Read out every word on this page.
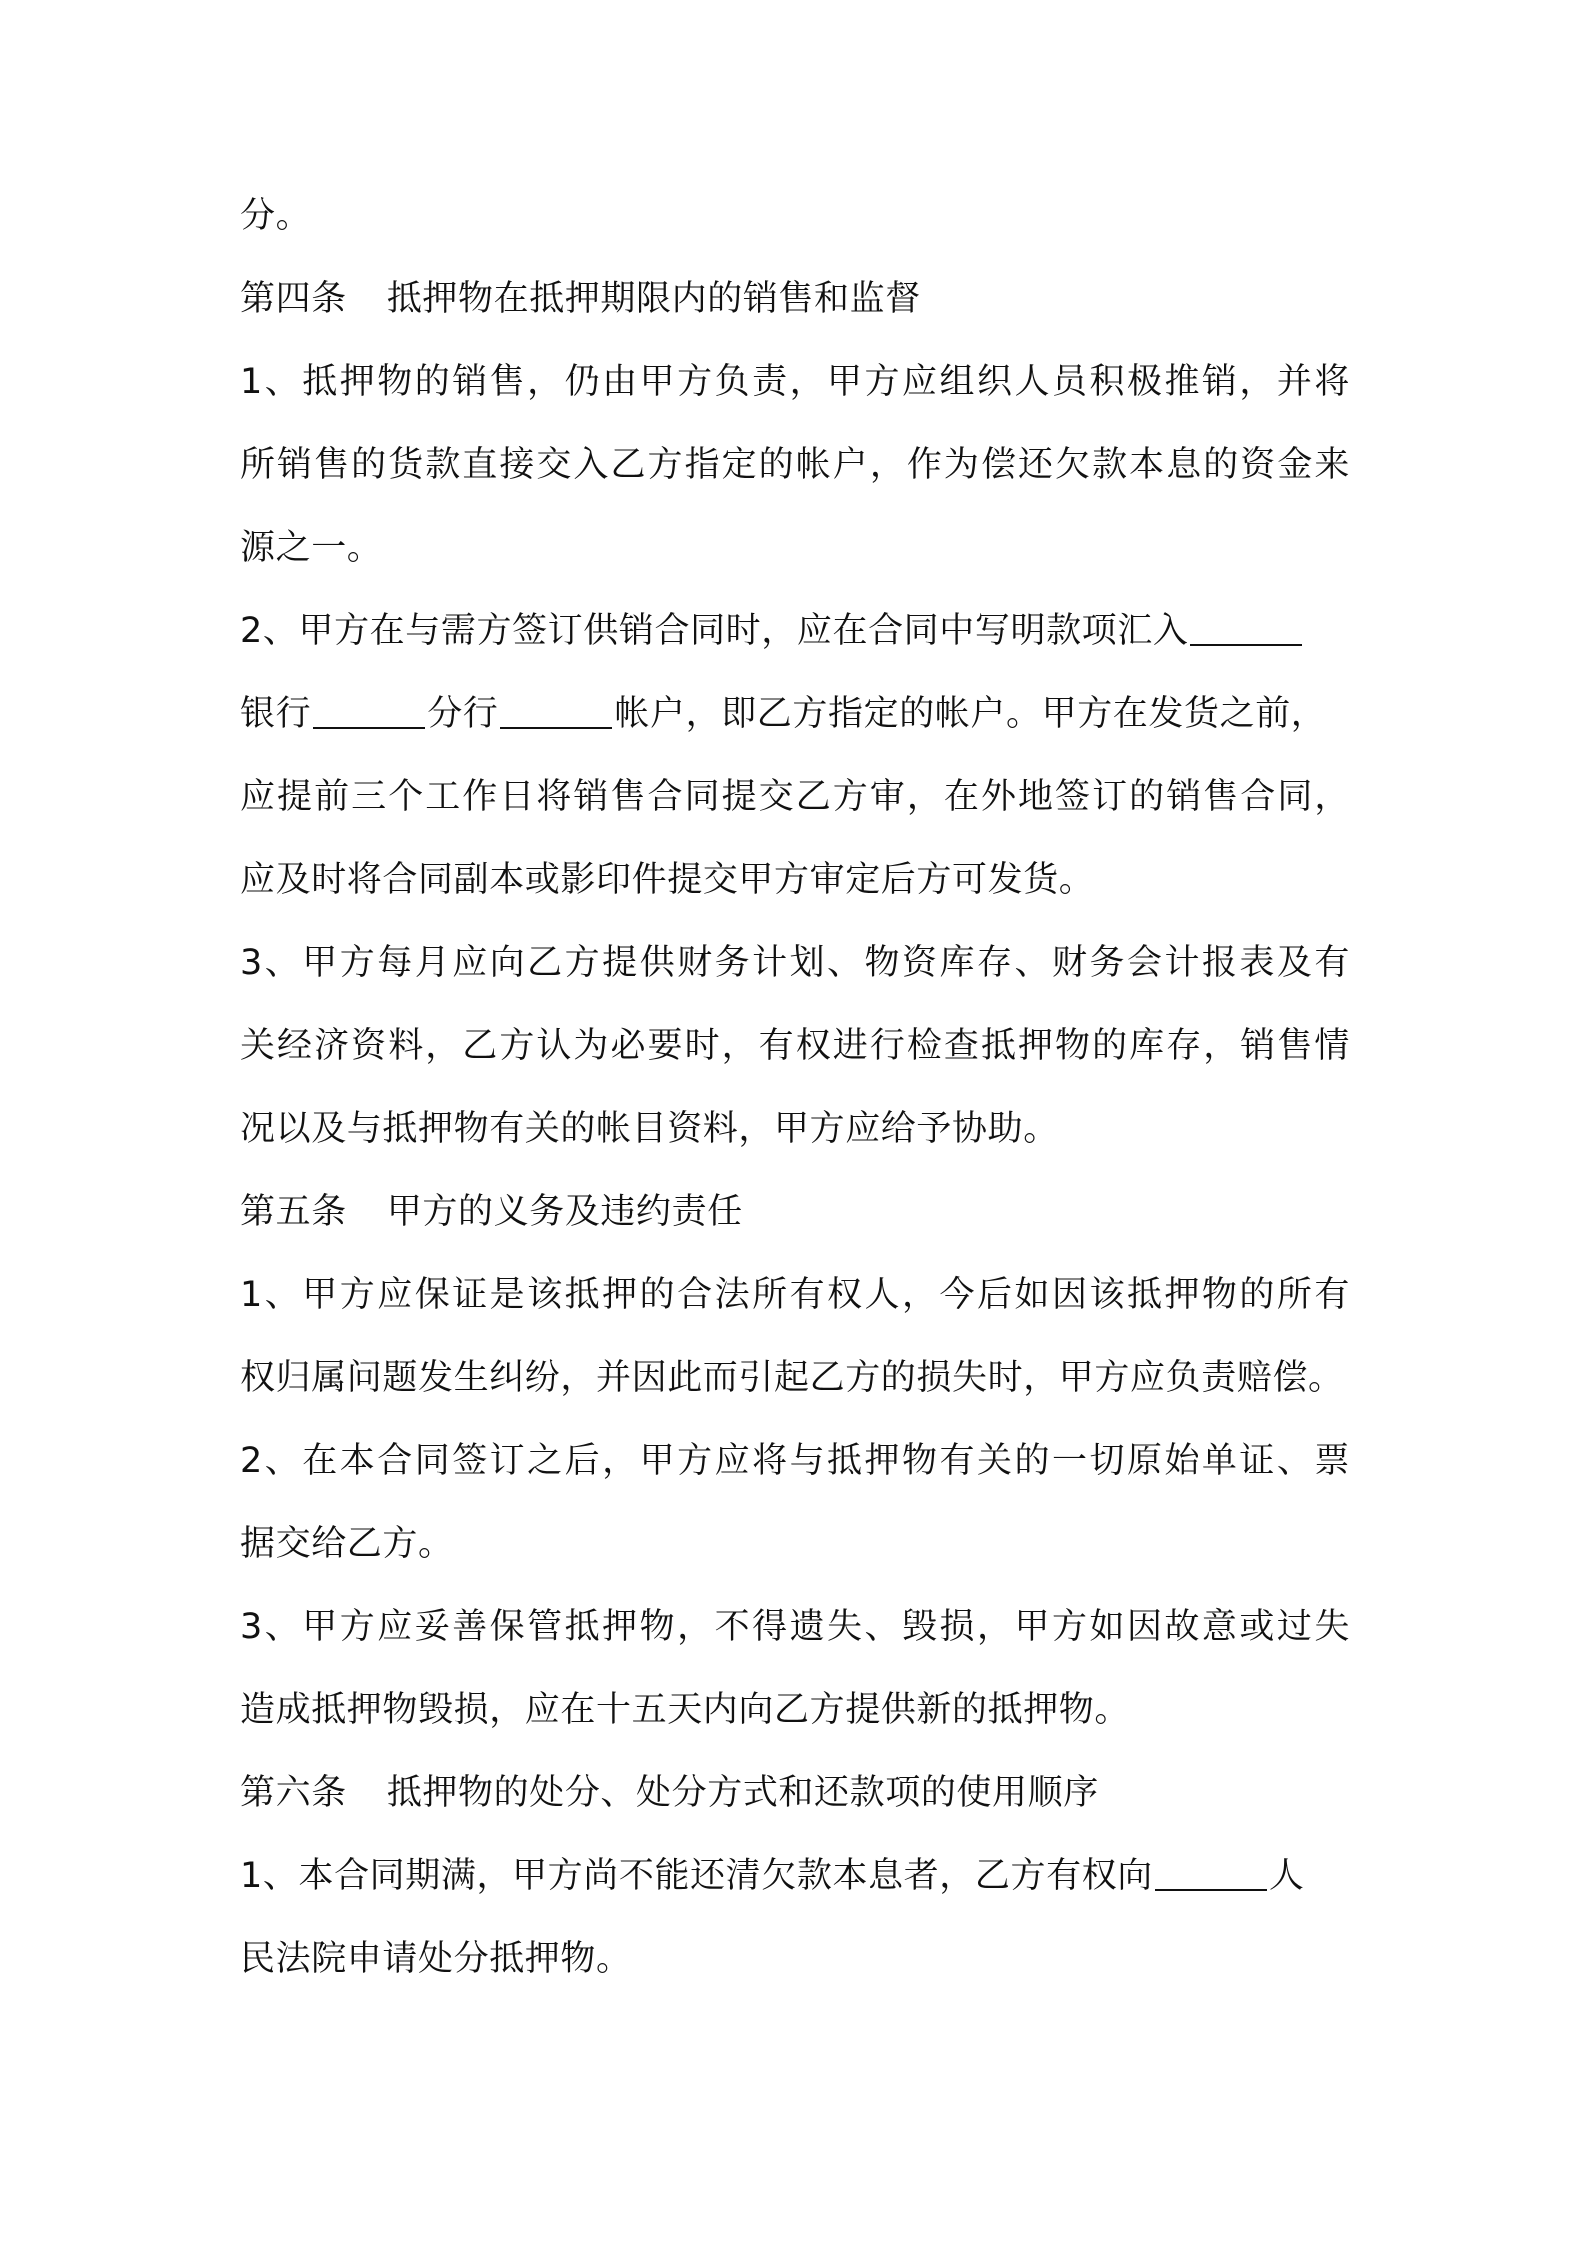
分。
第四条 抵押物在抵押期限内的销售和监督
1、抵押物的销售，仍由甲方负责，甲方应组织人员积极推销，并将
所销售的货款直接交入乙方指定的帐户，作为偿还欠款本息的资金来
源之一。
2、甲方在与需方签订供销合同时，应在合同中写明款项汇入
银行	分行	帐户，即乙方指定的帐户。甲方在发货之前，
应提前三个工作日将销售合同提交乙方审，在外地签订的销售合同，
应及时将合同副本或影印件提交甲方审定后方可发货。
3、甲方每月应向乙方提供财务计划、物资库存、财务会计报表及有
关经济资料，乙方认为必要时，有权进行检查抵押物的库存，销售情
况以及与抵押物有关的帐目资料，甲方应给予协助。
第五条 甲方的义务及违约责任
1、甲方应保证是该抵押的合法所有权人，今后如因该抵押物的所有
权归属问题发生纠纷，并因此而引起乙方的损失时，甲方应负责赔偿。
2、在本合同签订之后，甲方应将与抵押物有关的一切原始单证、票
据交给乙方。
3、甲方应妥善保管抵押物，不得遗失、毁损，甲方如因故意或过失
造成抵押物毁损，应在十五天内向乙方提供新的抵押物。
第六条 抵押物的处分、处分方式和还款项的使用顺序
1、本合同期满，甲方尚不能还清欠款本息者，乙方有权向	人
民法院申请处分抵押物。
